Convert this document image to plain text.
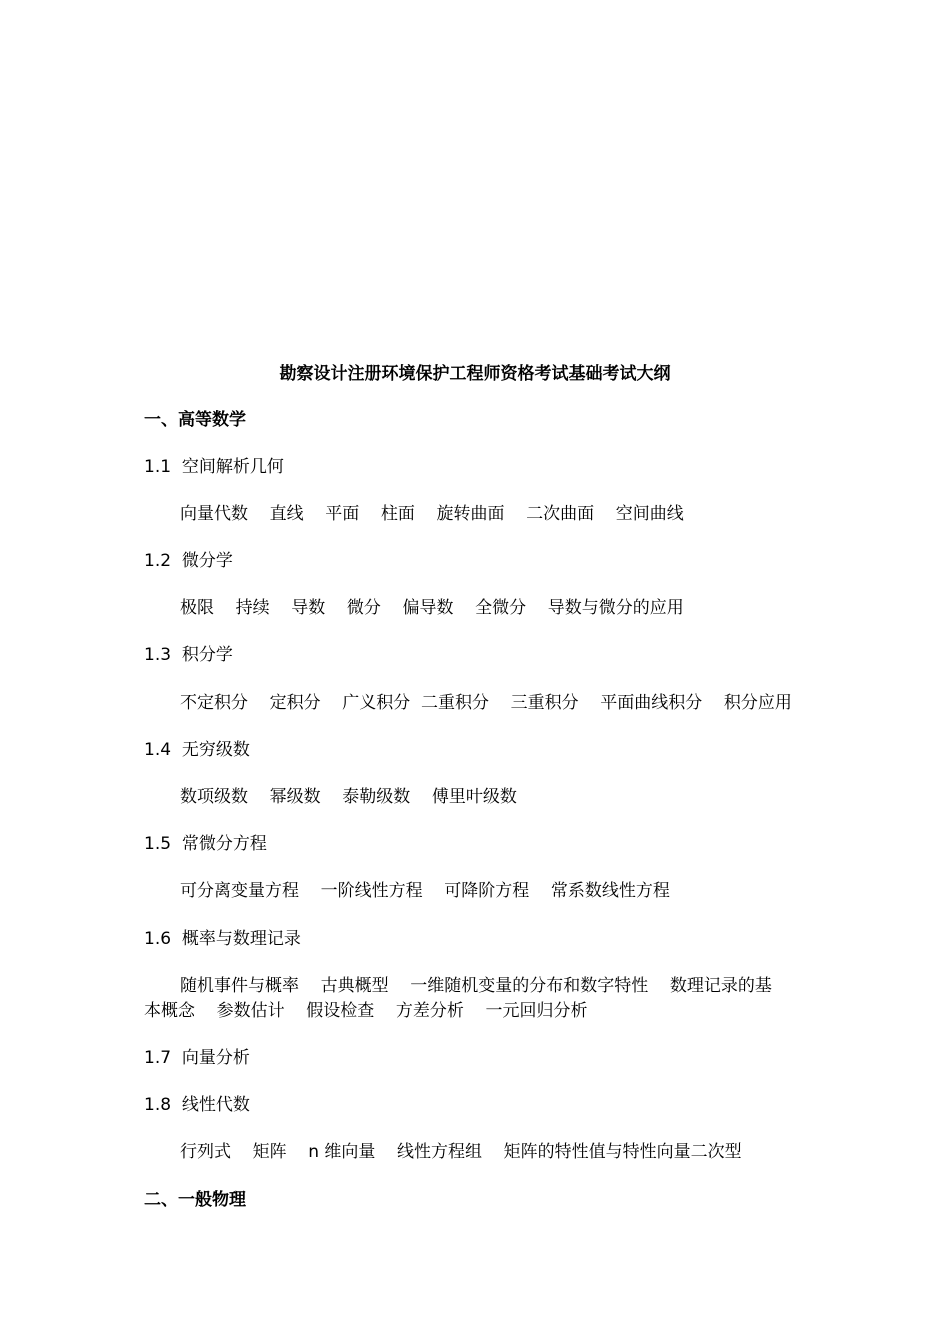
勘察设计注册环境保护工程师资格考试基础考试大纲
一、高等数学
1.1  空间解析几何
向量代数    直线    平面    柱面    旋转曲面    二次曲面    空间曲线
1.2  微分学
极限    持续    导数    微分    偏导数    全微分    导数与微分的应用
1.3  积分学
不定积分    定积分    广义积分  二重积分    三重积分    平面曲线积分    积分应用
1.4  无穷级数
数项级数    幂级数    泰勒级数    傅里叶级数
1.5  常微分方程
可分离变量方程    一阶线性方程    可降阶方程    常系数线性方程
1.6  概率与数理记录
随机事件与概率    古典概型    一维随机变量的分布和数字特性    数理记录的基
本概念    参数估计    假设检查    方差分析    一元回归分析
1.7  向量分析
1.8  线性代数
行列式    矩阵    n 维向量    线性方程组    矩阵的特性值与特性向量二次型
二、一般物理
